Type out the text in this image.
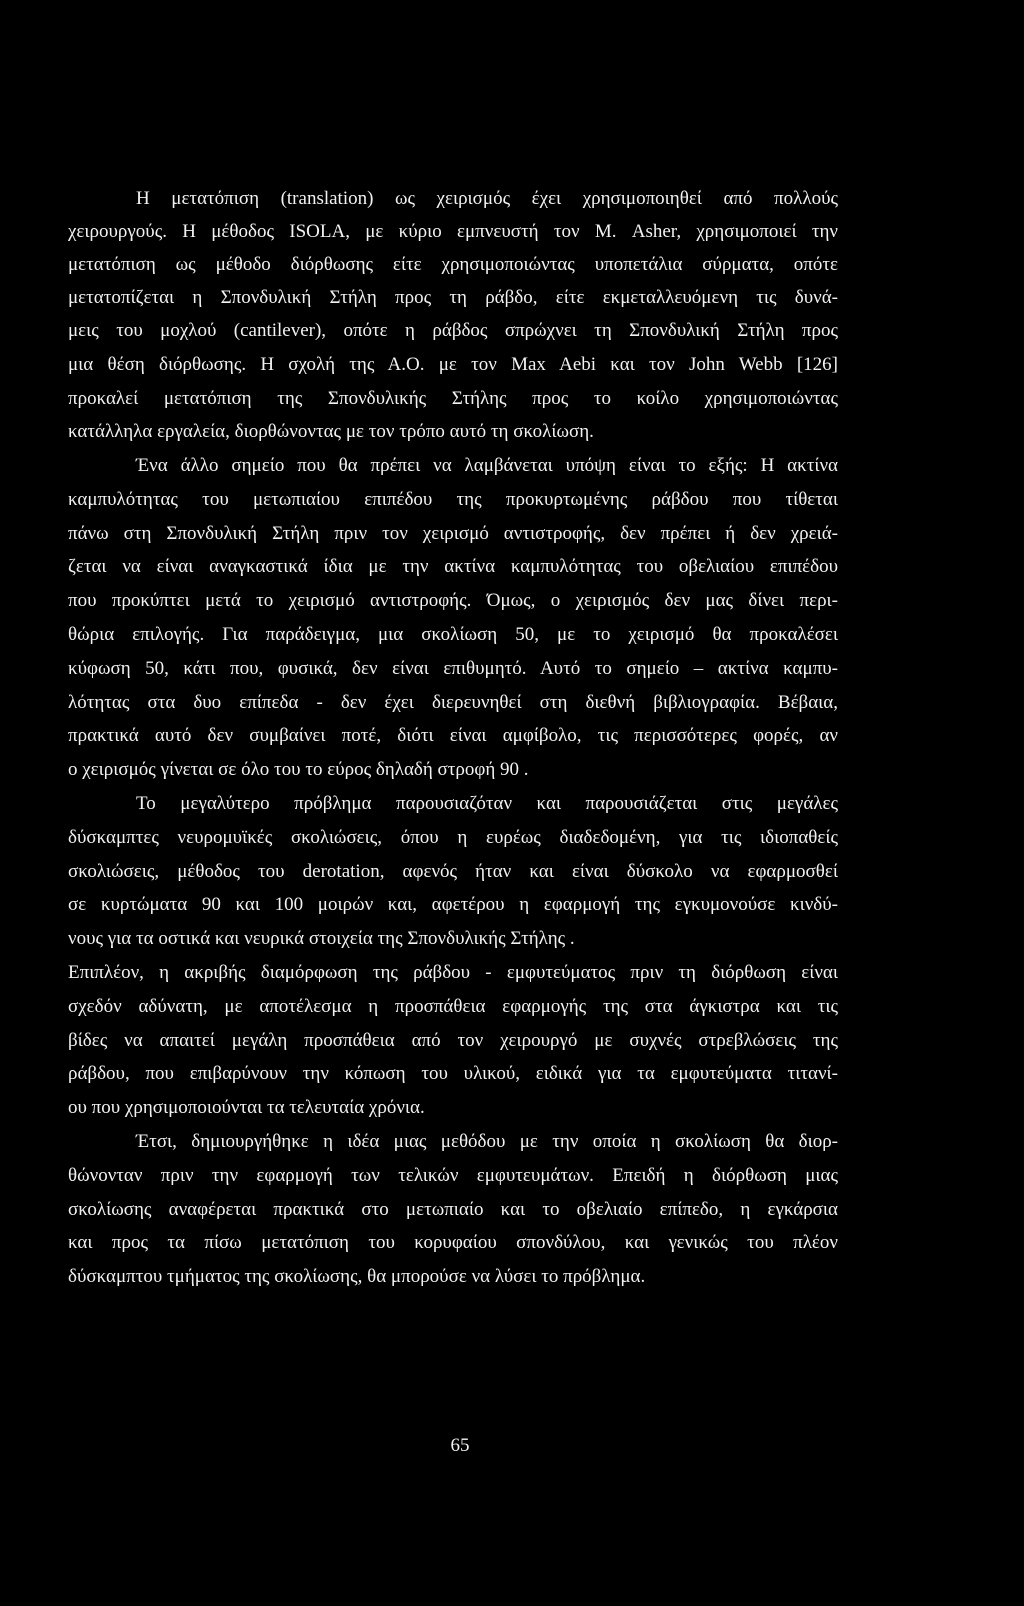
Η μετατόπιση (translation) ως χειρισμός έχει χρησιμοποιηθεί από πολλούς
χειρουργούς. Η μέθοδος ISOLA, με κύριο εμπνευστή τον Μ. Asher, χρησιμοποιεί την
μετατόπιση ως μέθοδο διόρθωσης είτε χρησιμοποιώντας υποπετάλια σύρματα, οπότε
μετατοπίζεται η Σπονδυλική Στήλη προς τη ράβδο, είτε εκμεταλλευόμενη τις δυνά-
μεις του μοχλού (cantilever), οπότε η ράβδος σπρώχνει τη Σπονδυλική Στήλη προς
μια θέση διόρθωσης. Η σχολή της Α.Ο. με τον Max Aebi και τον John Webb [126]
προκαλεί μετατόπιση της Σπονδυλικής Στήλης προς το κοίλο χρησιμοποιώντας
κατάλληλα εργαλεία, διορθώνοντας με τον τρόπο αυτό τη σκολίωση.
Ένα άλλο σημείο που θα πρέπει να λαμβάνεται υπόψη είναι το εξής: Η ακτίνα
καμπυλότητας του μετωπιαίου επιπέδου της προκυρτωμένης ράβδου που τίθεται
πάνω στη Σπονδυλική Στήλη πριν τον χειρισμό αντιστροφής, δεν πρέπει ή δεν χρειά-
ζεται να είναι αναγκαστικά ίδια με την ακτίνα καμπυλότητας του οβελιαίου επιπέδου
που προκύπτει μετά το χειρισμό αντιστροφής. Όμως, ο χειρισμός δεν μας δίνει περι-
θώρια επιλογής. Για παράδειγμα, μια σκολίωση 50, με το χειρισμό θα προκαλέσει
κύφωση 50, κάτι που, φυσικά, δεν είναι επιθυμητό. Αυτό το σημείο – ακτίνα καμπυ-
λότητας στα δυο επίπεδα - δεν έχει διερευνηθεί στη διεθνή βιβλιογραφία. Βέβαια,
πρακτικά αυτό δεν συμβαίνει ποτέ, διότι είναι αμφίβολο, τις περισσότερες φορές, αν
ο χειρισμός γίνεται σε όλο του το εύρος δηλαδή στροφή 90 .
Το μεγαλύτερο πρόβλημα παρουσιαζόταν και παρουσιάζεται στις μεγάλες
δύσκαμπτες νευρομυϊκές σκολιώσεις, όπου η ευρέως διαδεδομένη, για τις ιδιοπαθείς
σκολιώσεις, μέθοδος του derotation, αφενός ήταν και είναι δύσκολο να εφαρμοσθεί
σε κυρτώματα 90 και 100 μοιρών και, αφετέρου η εφαρμογή της εγκυμονούσε κινδύ-
νους για τα οστικά και νευρικά στοιχεία της Σπονδυλικής Στήλης .
Επιπλέον, η ακριβής διαμόρφωση της ράβδου - εμφυτεύματος πριν τη διόρθωση είναι
σχεδόν αδύνατη, με αποτέλεσμα η προσπάθεια εφαρμογής της στα άγκιστρα και τις
βίδες να απαιτεί μεγάλη προσπάθεια από τον χειρουργό με συχνές στρεβλώσεις της
ράβδου, που επιβαρύνουν την κόπωση του υλικού, ειδικά για τα εμφυτεύματα τιτανί-
ου που χρησιμοποιούνται τα τελευταία χρόνια.
Έτσι, δημιουργήθηκε η ιδέα μιας μεθόδου με την οποία η σκολίωση θα διορ-
θώνονταν πριν την εφαρμογή των τελικών εμφυτευμάτων. Επειδή η διόρθωση μιας
σκολίωσης αναφέρεται πρακτικά στο μετωπιαίο και το οβελιαίο επίπεδο, η εγκάρσια
και προς τα πίσω μετατόπιση του κορυφαίου σπονδύλου, και γενικώς του πλέον
δύσκαμπτου τμήματος της σκολίωσης, θα μπορούσε να λύσει το πρόβλημα.
65
